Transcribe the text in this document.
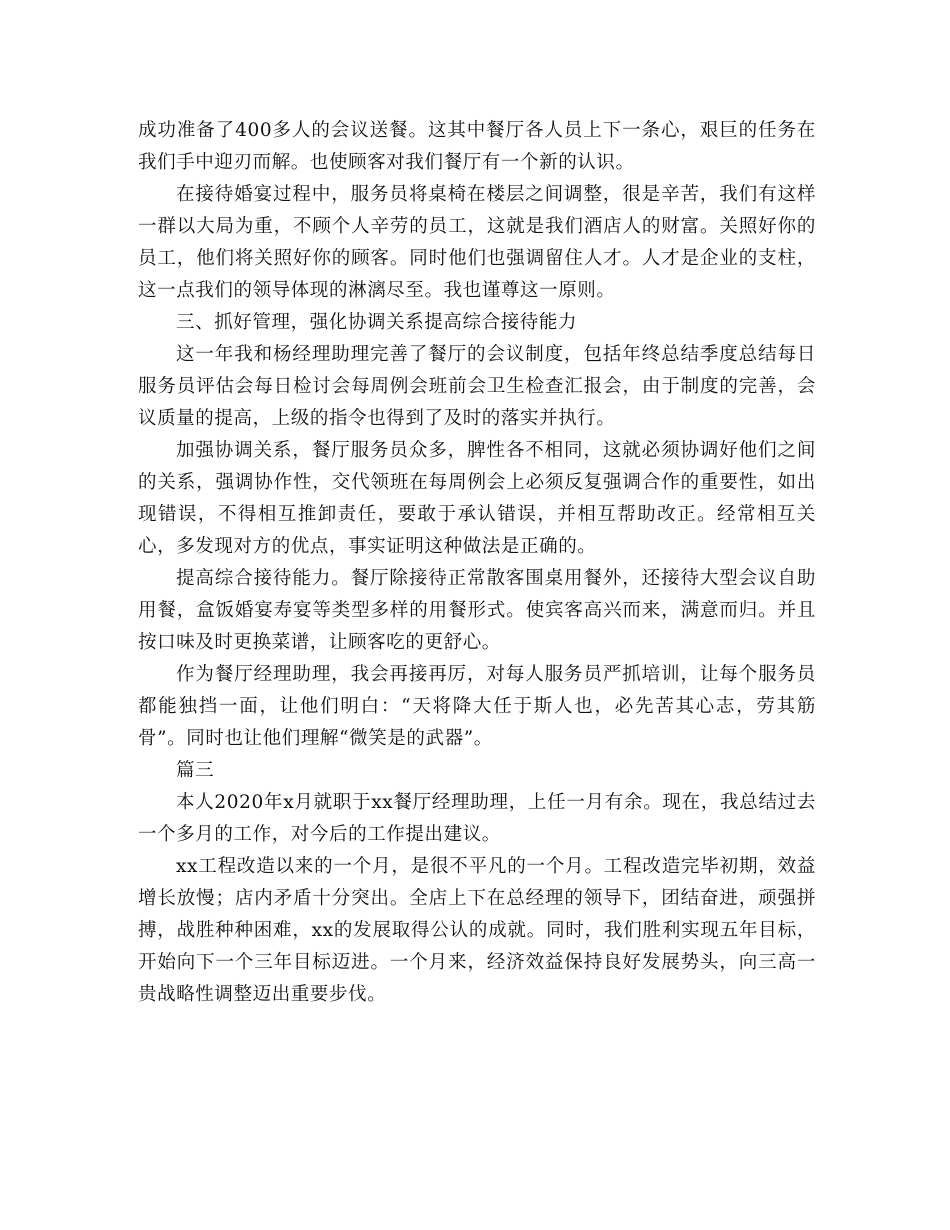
成功准备了400多人的会议送餐。这其中餐厅各人员上下一条心，艰巨的任务在我们手中迎刃而解。也使顾客对我们餐厅有一个新的认识。

在接待婚宴过程中，服务员将桌椅在楼层之间调整，很是辛苦，我们有这样一群以大局为重，不顾个人辛劳的员工，这就是我们酒店人的财富。关照好你的员工，他们将关照好你的顾客。同时他们也强调留住人才。人才是企业的支柱，这一点我们的领导体现的淋漓尽至。我也谨尊这一原则。

三、抓好管理，强化协调关系提高综合接待能力

这一年我和杨经理助理完善了餐厅的会议制度，包括年终总结季度总结每日服务员评估会每日检讨会每周例会班前会卫生检查汇报会，由于制度的完善，会议质量的提高，上级的指令也得到了及时的落实并执行。

加强协调关系，餐厅服务员众多，脾性各不相同，这就必须协调好他们之间的关系，强调协作性，交代领班在每周例会上必须反复强调合作的重要性，如出现错误，不得相互推卸责任，要敢于承认错误，并相互帮助改正。经常相互关心，多发现对方的优点，事实证明这种做法是正确的。

提高综合接待能力。餐厅除接待正常散客围桌用餐外，还接待大型会议自助用餐，盒饭婚宴寿宴等类型多样的用餐形式。使宾客高兴而来，满意而归。并且按口味及时更换菜谱，让顾客吃的更舒心。

作为餐厅经理助理，我会再接再厉，对每人服务员严抓培训，让每个服务员都能独挡一面，让他们明白：“天将降大任于斯人也，必先苦其心志，劳其筋骨”。同时也让他们理解“微笑是的武器”。

篇三

本人2020年x月就职于xx餐厅经理助理，上任一月有余。现在，我总结过去一个多月的工作，对今后的工作提出建议。

xx工程改造以来的一个月，是很不平凡的一个月。工程改造完毕初期，效益增长放慢；店内矛盾十分突出。全店上下在总经理的领导下，团结奋进，顽强拼搏，战胜种种困难，xx的发展取得公认的成就。同时，我们胜利实现五年目标，开始向下一个三年目标迈进。一个月来，经济效益保持良好发展势头，向三高一贵战略性调整迈出重要步伐。
